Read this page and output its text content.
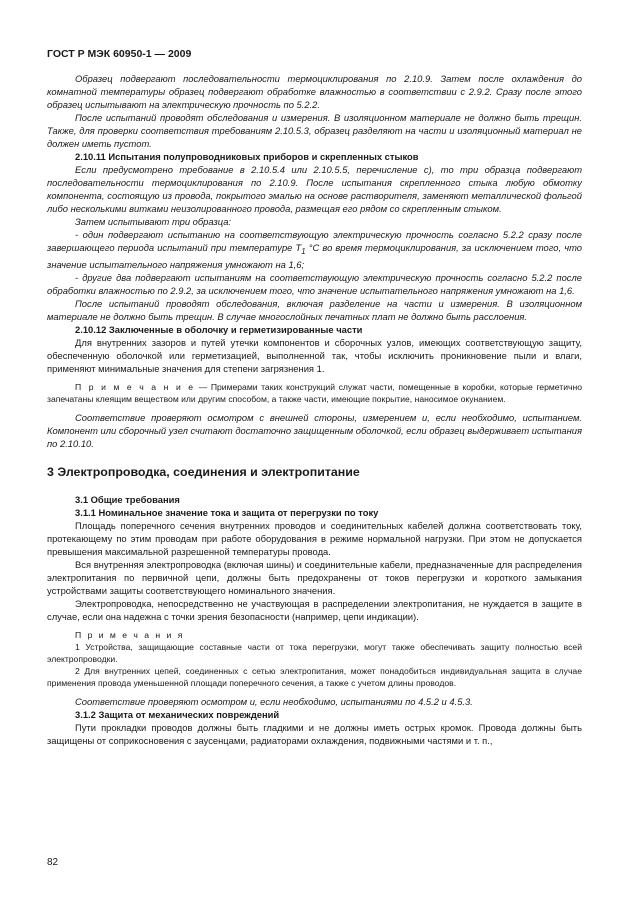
ГОСТ Р МЭК 60950-1 — 2009

Образец подвергают последовательности термоциклирования по 2.10.9. Затем после охлаждения до комнатной температуры образец подвергают обработке влажностью в соответствии с 2.9.2. Сразу после этого образец испытывают на электрическую прочность по 5.2.2.

После испытаний проводят обследования и измерения. В изоляционном материале не должно быть трещин. Также, для проверки соответствия требованиям 2.10.5.3, образец разделяют на части и изоляционный материал не должен иметь пустот.

2.10.11 Испытания полупроводниковых приборов и скрепленных стыков

Если предусмотрено требование в 2.10.5.4 или 2.10.5.5, перечисление с), то три образца подвергают последовательности термоциклирования по 2.10.9. После испытания скрепленного стыка любую обмотку компонента, состоящую из провода, покрытого эмалью на основе растворителя, заменяют металлической фольгой либо несколькими витками неизолированного провода, размещая его рядом со скрепленным стыком.

Затем испытывают три образца:

- один подвергают испытанию на соответствующую электрическую прочность согласно 5.2.2 сразу после завершающего периода испытаний при температуре $T_1$ °С во время термоциклирования, за исключением того, что значение испытательного напряжения умножают на 1,6;

- другие два подвергают испытаниям на соответствующую электрическую прочность согласно 5.2.2 после обработки влажностью по 2.9.2, за исключением того, что значение испытательного напряжения умножают на 1,6.

После испытаний проводят обследования, включая разделение на части и измерения. В изоляционном материале не должно быть трещин. В случае многослойных печатных плат не должно быть расслоения.

2.10.12 Заключенные в оболочку и герметизированные части

Для внутренних зазоров и путей утечки компонентов и сборочных узлов, имеющих соответствующую защиту, обеспеченную оболочкой или герметизацией, выполненной так, чтобы исключить проникновение пыли и влаги, применяют минимальные значения для степени загрязнения 1.

П р и м е ч а н и е — Примерами таких конструкций служат части, помещенные в коробки, которые герметично запечатаны клеящим веществом или другим способом, а также части, имеющие покрытие, наносимое окунанием.

Соответствие проверяют осмотром с внешней стороны, измерением и, если необходимо, испытанием. Компонент или сборочный узел считают достаточно защищенным оболочкой, если образец выдерживает испытания по 2.10.10.

3 Электропроводка, соединения и электропитание

3.1 Общие требования

3.1.1 Номинальное значение тока и защита от перегрузки по току

Площадь поперечного сечения внутренних проводов и соединительных кабелей должна соответствовать току, протекающему по этим проводам при работе оборудования в режиме нормальной нагрузки. При этом не допускается превышения максимальной разрешенной температуры провода.

Вся внутренняя электропроводка (включая шины) и соединительные кабели, предназначенные для распределения электропитания по первичной цепи, должны быть предохранены от токов перегрузки и короткого замыкания устройствами защиты соответствующего номинального значения.

Электропроводка, непосредственно не участвующая в распределении электропитания, не нуждается в защите в случае, если она надежна с точки зрения безопасности (например, цепи индикации).

П р и м е ч а н и я

1 Устройства, защищающие составные части от тока перегрузки, могут также обеспечивать защиту полностью всей электропроводки.

2 Для внутренних цепей, соединенных с сетью электропитания, может понадобиться индивидуальная защита в случае применения провода уменьшенной площади поперечного сечения, а также с учетом длины проводов.

Соответствие проверяют осмотром и, если необходимо, испытаниями по 4.5.2 и 4.5.3.

3.1.2 Защита от механических повреждений

Пути прокладки проводов должны быть гладкими и не должны иметь острых кромок. Провода должны быть защищены от соприкосновения с заусенцами, радиаторами охлаждения, подвижными частями и т. п.,

82
